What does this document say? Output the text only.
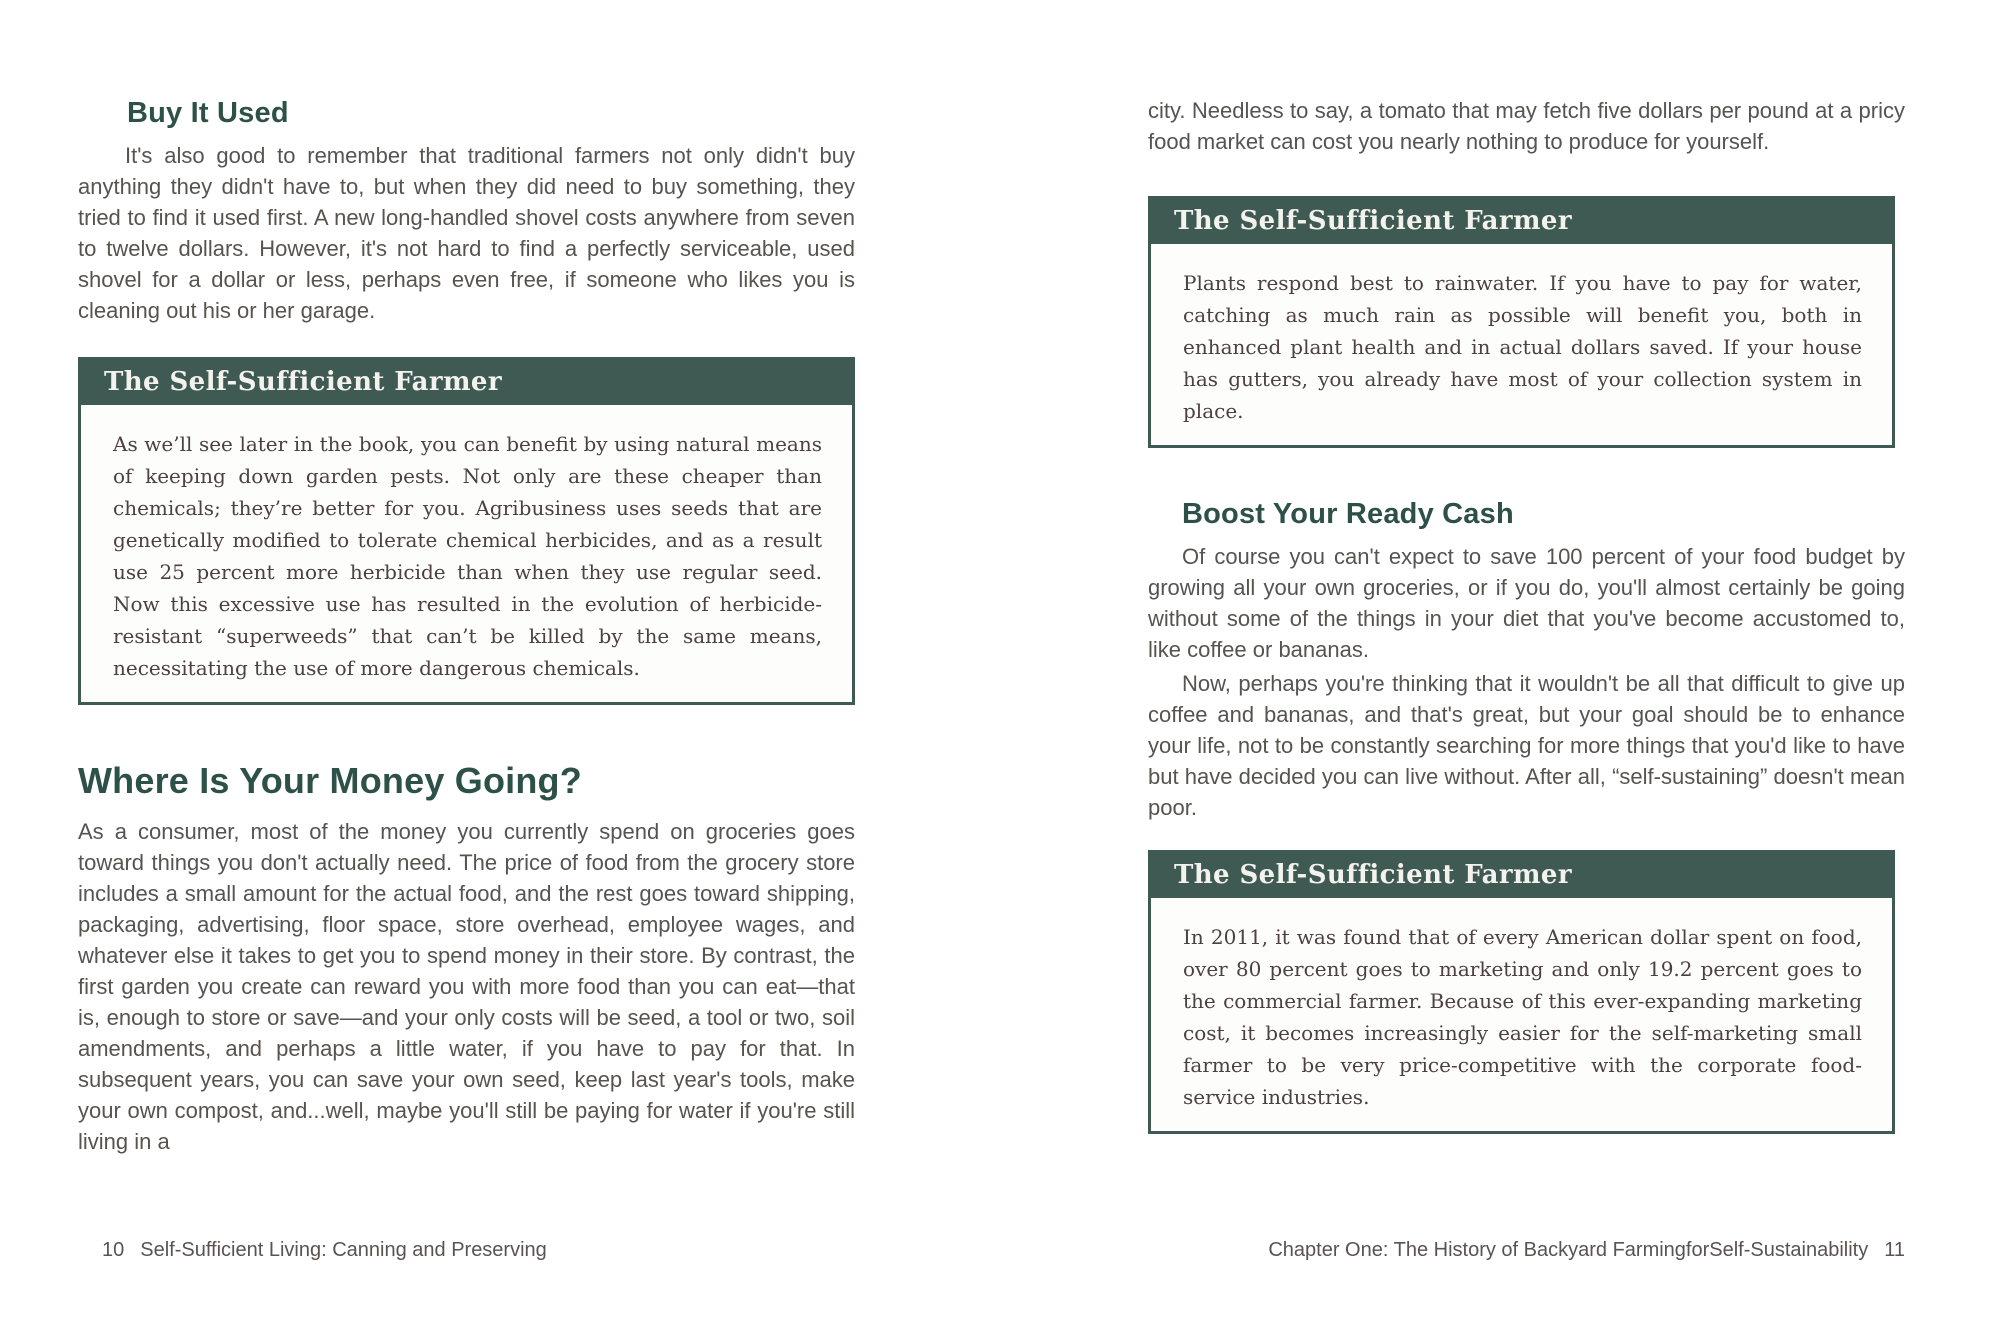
Buy It Used
It's also good to remember that traditional farmers not only didn't buy anything they didn't have to, but when they did need to buy something, they tried to find it used first. A new long-handled shovel costs anywhere from seven to twelve dollars. However, it's not hard to find a perfectly serviceable, used shovel for a dollar or less, perhaps even free, if someone who likes you is cleaning out his or her garage.
The Self-Sufficient Farmer
As we’ll see later in the book, you can benefit by using natural means of keeping down garden pests. Not only are these cheaper than chemicals; they’re better for you. Agribusiness uses seeds that are genetically modified to tolerate chemical herbicides, and as a result use 25 percent more herbicide than when they use regular seed. Now this excessive use has resulted in the evolution of herbicide-resistant “superweeds” that can’t be killed by the same means, necessitating the use of more dangerous chemicals.
Where Is Your Money Going?
As a consumer, most of the money you currently spend on groceries goes toward things you don't actually need. The price of food from the grocery store includes a small amount for the actual food, and the rest goes toward shipping, packaging, advertising, floor space, store overhead, employee wages, and whatever else it takes to get you to spend money in their store. By contrast, the first garden you create can reward you with more food than you can eat—that is, enough to store or save—and your only costs will be seed, a tool or two, soil amendments, and perhaps a little water, if you have to pay for that. In subsequent years, you can save your own seed, keep last year's tools, make your own compost, and...well, maybe you'll still be paying for water if you're still living in a
10 Self-Sufficient Living: Canning and Preserving
city. Needless to say, a tomato that may fetch five dollars per pound at a pricy food market can cost you nearly nothing to produce for yourself.
The Self-Sufficient Farmer
Plants respond best to rainwater. If you have to pay for water, catching as much rain as possible will benefit you, both in enhanced plant health and in actual dollars saved. If your house has gutters, you already have most of your collection system in place.
Boost Your Ready Cash
Of course you can't expect to save 100 percent of your food budget by growing all your own groceries, or if you do, you'll almost certainly be going without some of the things in your diet that you've become accustomed to, like coffee or bananas.
Now, perhaps you're thinking that it wouldn't be all that difficult to give up coffee and bananas, and that's great, but your goal should be to enhance your life, not to be constantly searching for more things that you'd like to have but have decided you can live without. After all, “self-sustaining” doesn't mean poor.
The Self-Sufficient Farmer
In 2011, it was found that of every American dollar spent on food, over 80 percent goes to marketing and only 19.2 percent goes to the commercial farmer. Because of this ever-expanding marketing cost, it becomes increasingly easier for the self-marketing small farmer to be very price-competitive with the corporate food-service industries.
Chapter One: The History of Backyard FarmingforSelf-Sustainability 11
